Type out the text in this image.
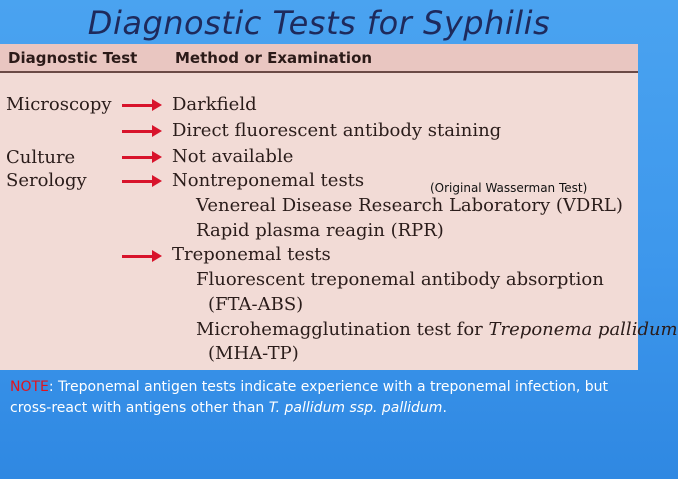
Diagnostic Tests for Syphilis
Diagnostic Test	Method or Examination
Microscopy
Culture
Serology
Darkfield
Direct fluorescent antibody staining
Not available
Nontreponemal tests
Venereal Disease Research Laboratory (VDRL)
Rapid plasma reagin (RPR)
Treponemal tests
Fluorescent treponemal antibody absorption
(FTA-ABS)
Microhemagglutination test for Treponema pallidum
(MHA-TP)
(Original Wasserman Test)
NOTE: Treponemal antigen tests indicate experience with a treponemal infection, but cross-react with antigens other than T. pallidum ssp. pallidum.
